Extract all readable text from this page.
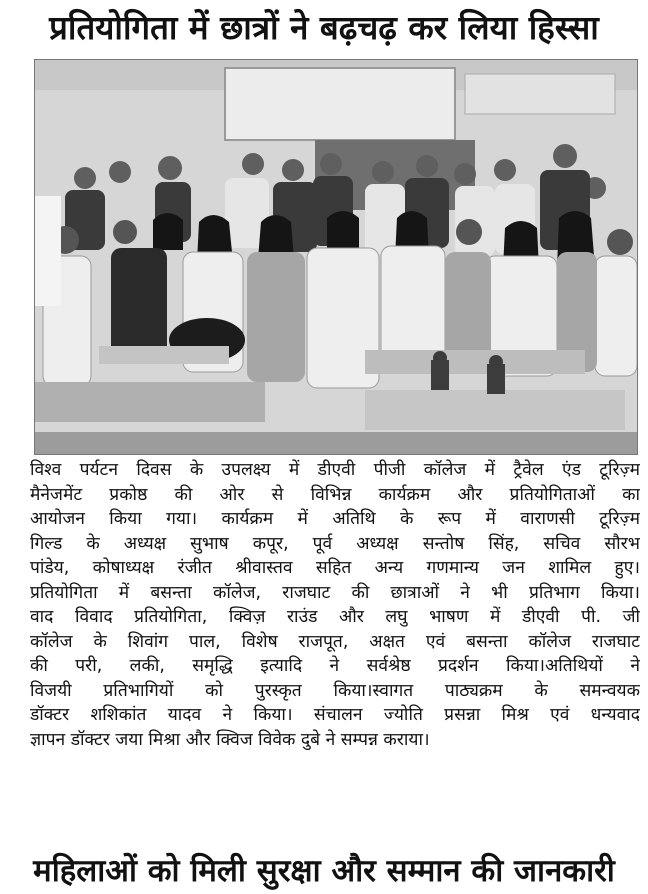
प्रतियोगिता में छात्रों ने बढ़चढ़ कर लिया हिस्सा
विश्व पर्यटन दिवस के उपलक्ष्य में डीएवी पीजी कॉलेज में ट्रैवेल एंड टूरिज़्म
मैनेजमेंट प्रकोष्ठ की ओर से विभिन्न कार्यक्रम और प्रतियोगिताओं का
आयोजन किया गया। कार्यक्रम में अतिथि के रूप में वाराणसी टूरिज़्म
गिल्ड के अध्यक्ष सुभाष कपूर, पूर्व अध्यक्ष सन्तोष सिंह, सचिव सौरभ
पांडेय, कोषाध्यक्ष रंजीत श्रीवास्तव सहित अन्य गणमान्य जन शामिल हुए।
प्रतियोगिता में बसन्ता कॉलेज, राजघाट की छात्राओं ने भी प्रतिभाग किया।
वाद विवाद प्रतियोगिता, क्विज़ राउंड और लघु भाषण में डीएवी पी. जी
कॉलेज के शिवांग पाल, विशेष राजपूत, अक्षत एवं बसन्ता कॉलेज राजघाट
की परी, लकी, समृद्धि इत्यादि ने सर्वश्रेष्ठ प्रदर्शन किया।अतिथियों ने
विजयी प्रतिभागियों को पुरस्कृत किया।स्वागत पाठ्यक्रम के समन्वयक
डॉक्टर शशिकांत यादव ने किया। संचालन ज्योति प्रसन्ना मिश्र एवं धन्यवाद
ज्ञापन डॉक्टर जया मिश्रा और क्विज विवेक दुबे ने सम्पन्न कराया।
महिलाओं को मिली सुरक्षा और सम्मान की जानकारी
